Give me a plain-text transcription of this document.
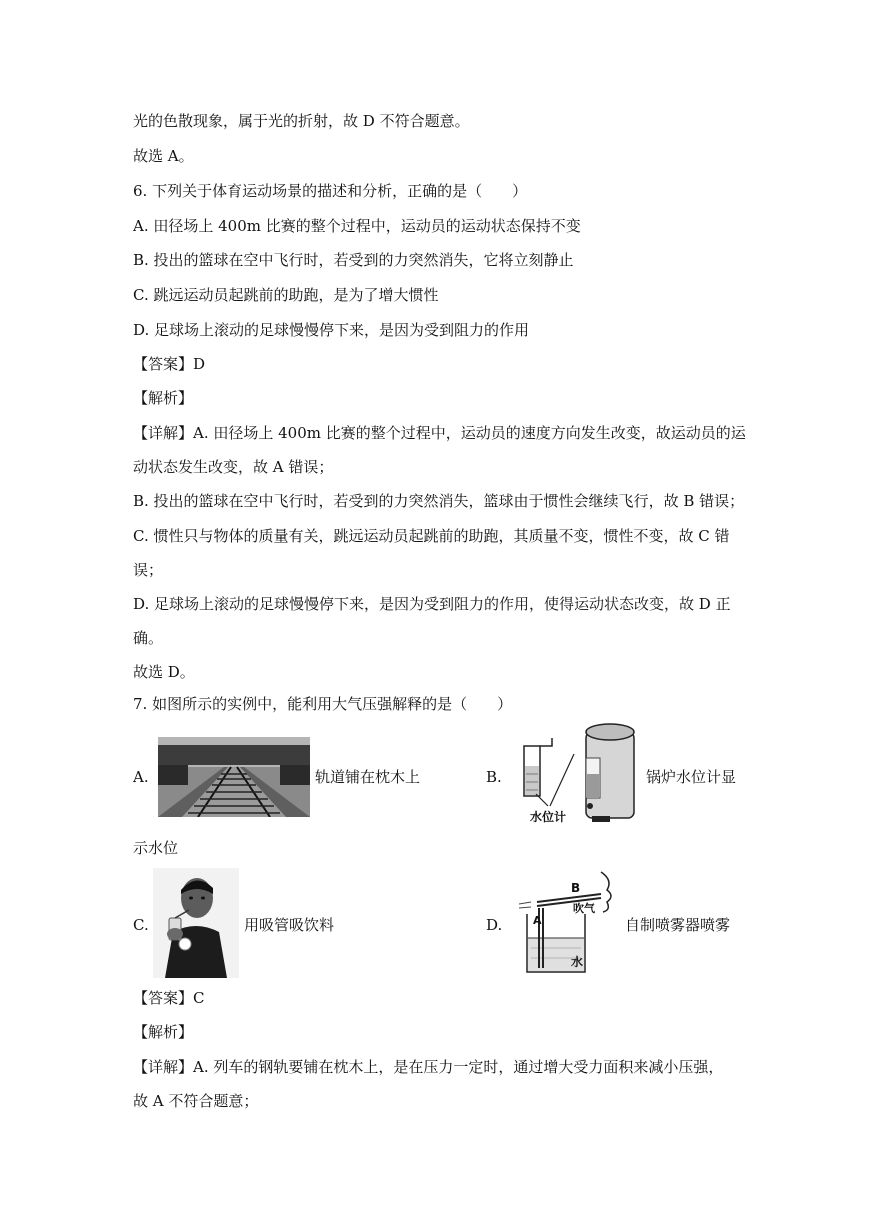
光的色散现象，属于光的折射，故 D 不符合题意。
故选 A。
6. 下列关于体育运动场景的描述和分析，正确的是（　　）
A. 田径场上 400m 比赛的整个过程中，运动员的运动状态保持不变
B. 投出的篮球在空中飞行时，若受到的力突然消失，它将立刻静止
C. 跳远运动员起跳前的助跑，是为了增大惯性
D. 足球场上滚动的足球慢慢停下来，是因为受到阻力的作用
【答案】D
【解析】
【详解】A. 田径场上 400m 比赛的整个过程中，运动员的速度方向发生改变，故运动员的运
动状态发生改变，故 A 错误；
B. 投出的篮球在空中飞行时，若受到的力突然消失，篮球由于惯性会继续飞行，故 B 错误；
C. 惯性只与物体的质量有关，跳远运动员起跳前的助跑，其质量不变，惯性不变，故 C 错
误；
D. 足球场上滚动的足球慢慢停下来，是因为受到阻力的作用，使得运动状态改变，故 D 正
确。
故选 D。
7. 如图所示的实例中，能利用大气压强解释的是（　　）
A.	轨道铺在枕木上	B.
水位计
锅炉水位计显
示水位
C.	用吸管吸饮料	D.
B
A
吹气
水
自制喷雾器喷雾
【答案】C
【解析】
【详解】A. 列车的钢轨要铺在枕木上，是在压力一定时，通过增大受力面积来减小压强，
故 A 不符合题意；
